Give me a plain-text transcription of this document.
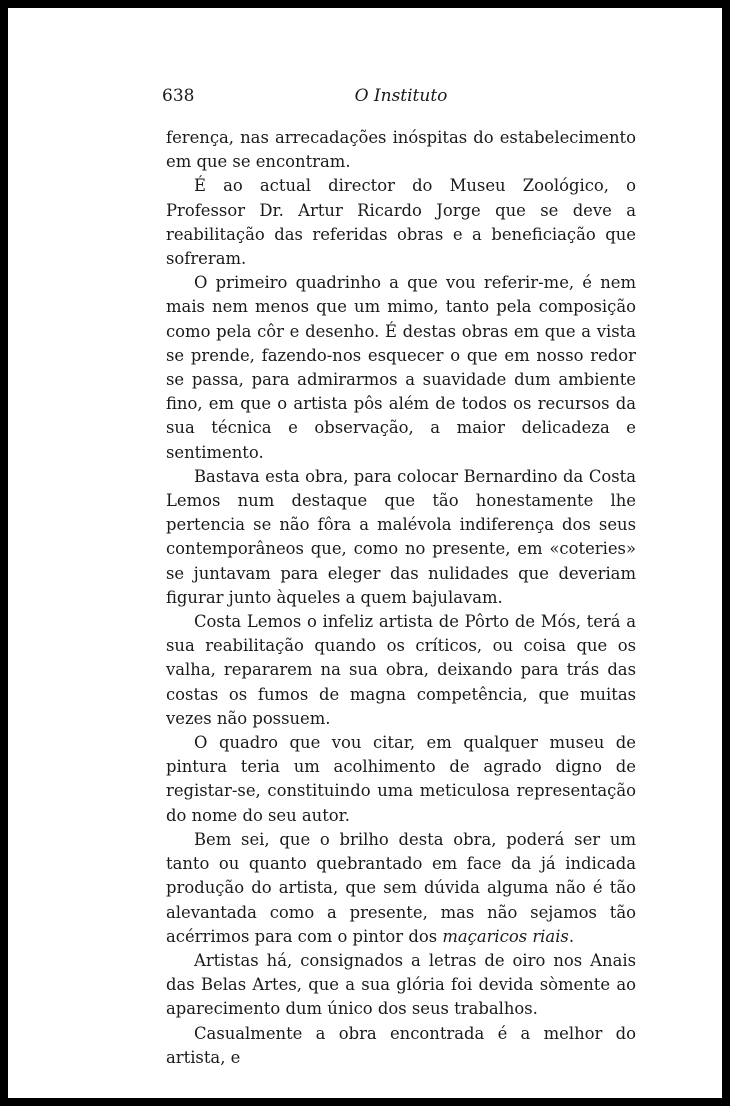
638	O Instituto

ferença, nas arrecadações inóspitas do estabelecimento em que se encontram.

É ao actual director do Museu Zoológico, o Professor Dr. Artur Ricardo Jorge que se deve a reabilitação das referidas obras e a beneficiação que sofreram.

O primeiro quadrinho a que vou referir-me, é nem mais nem menos que um mimo, tanto pela composição como pela côr e desenho. É destas obras em que a vista se prende, fazendo-nos esquecer o que em nosso redor se passa, para admirarmos a suavidade dum ambiente fino, em que o artista pôs além de todos os recursos da sua técnica e observação, a maior delicadeza e sentimento.

Bastava esta obra, para colocar Bernardino da Costa Lemos num destaque que tão honestamente lhe pertencia se não fôra a malévola indiferença dos seus contemporâneos que, como no presente, em «coteries» se juntavam para eleger das nulidades que deveriam figurar junto àqueles a quem bajulavam.

Costa Lemos o infeliz artista de Pôrto de Mós, terá a sua reabilitação quando os críticos, ou coisa que os valha, repararem na sua obra, deixando para trás das costas os fumos de magna competência, que muitas vezes não possuem.

O quadro que vou citar, em qualquer museu de pintura teria um acolhimento de agrado digno de registar-se, constituindo uma meticulosa representação do nome do seu autor.

Bem sei, que o brilho desta obra, poderá ser um tanto ou quanto quebrantado em face da já indicada produção do artista, que sem dúvida alguma não é tão alevantada como a presente, mas não sejamos tão acérrimos para com o pintor dos maçaricos riais.

Artistas há, consignados a letras de oiro nos Anais das Belas Artes, que a sua glória foi devida sòmente ao aparecimento dum único dos seus trabalhos.

Casualmente a obra encontrada é a melhor do artista, e
